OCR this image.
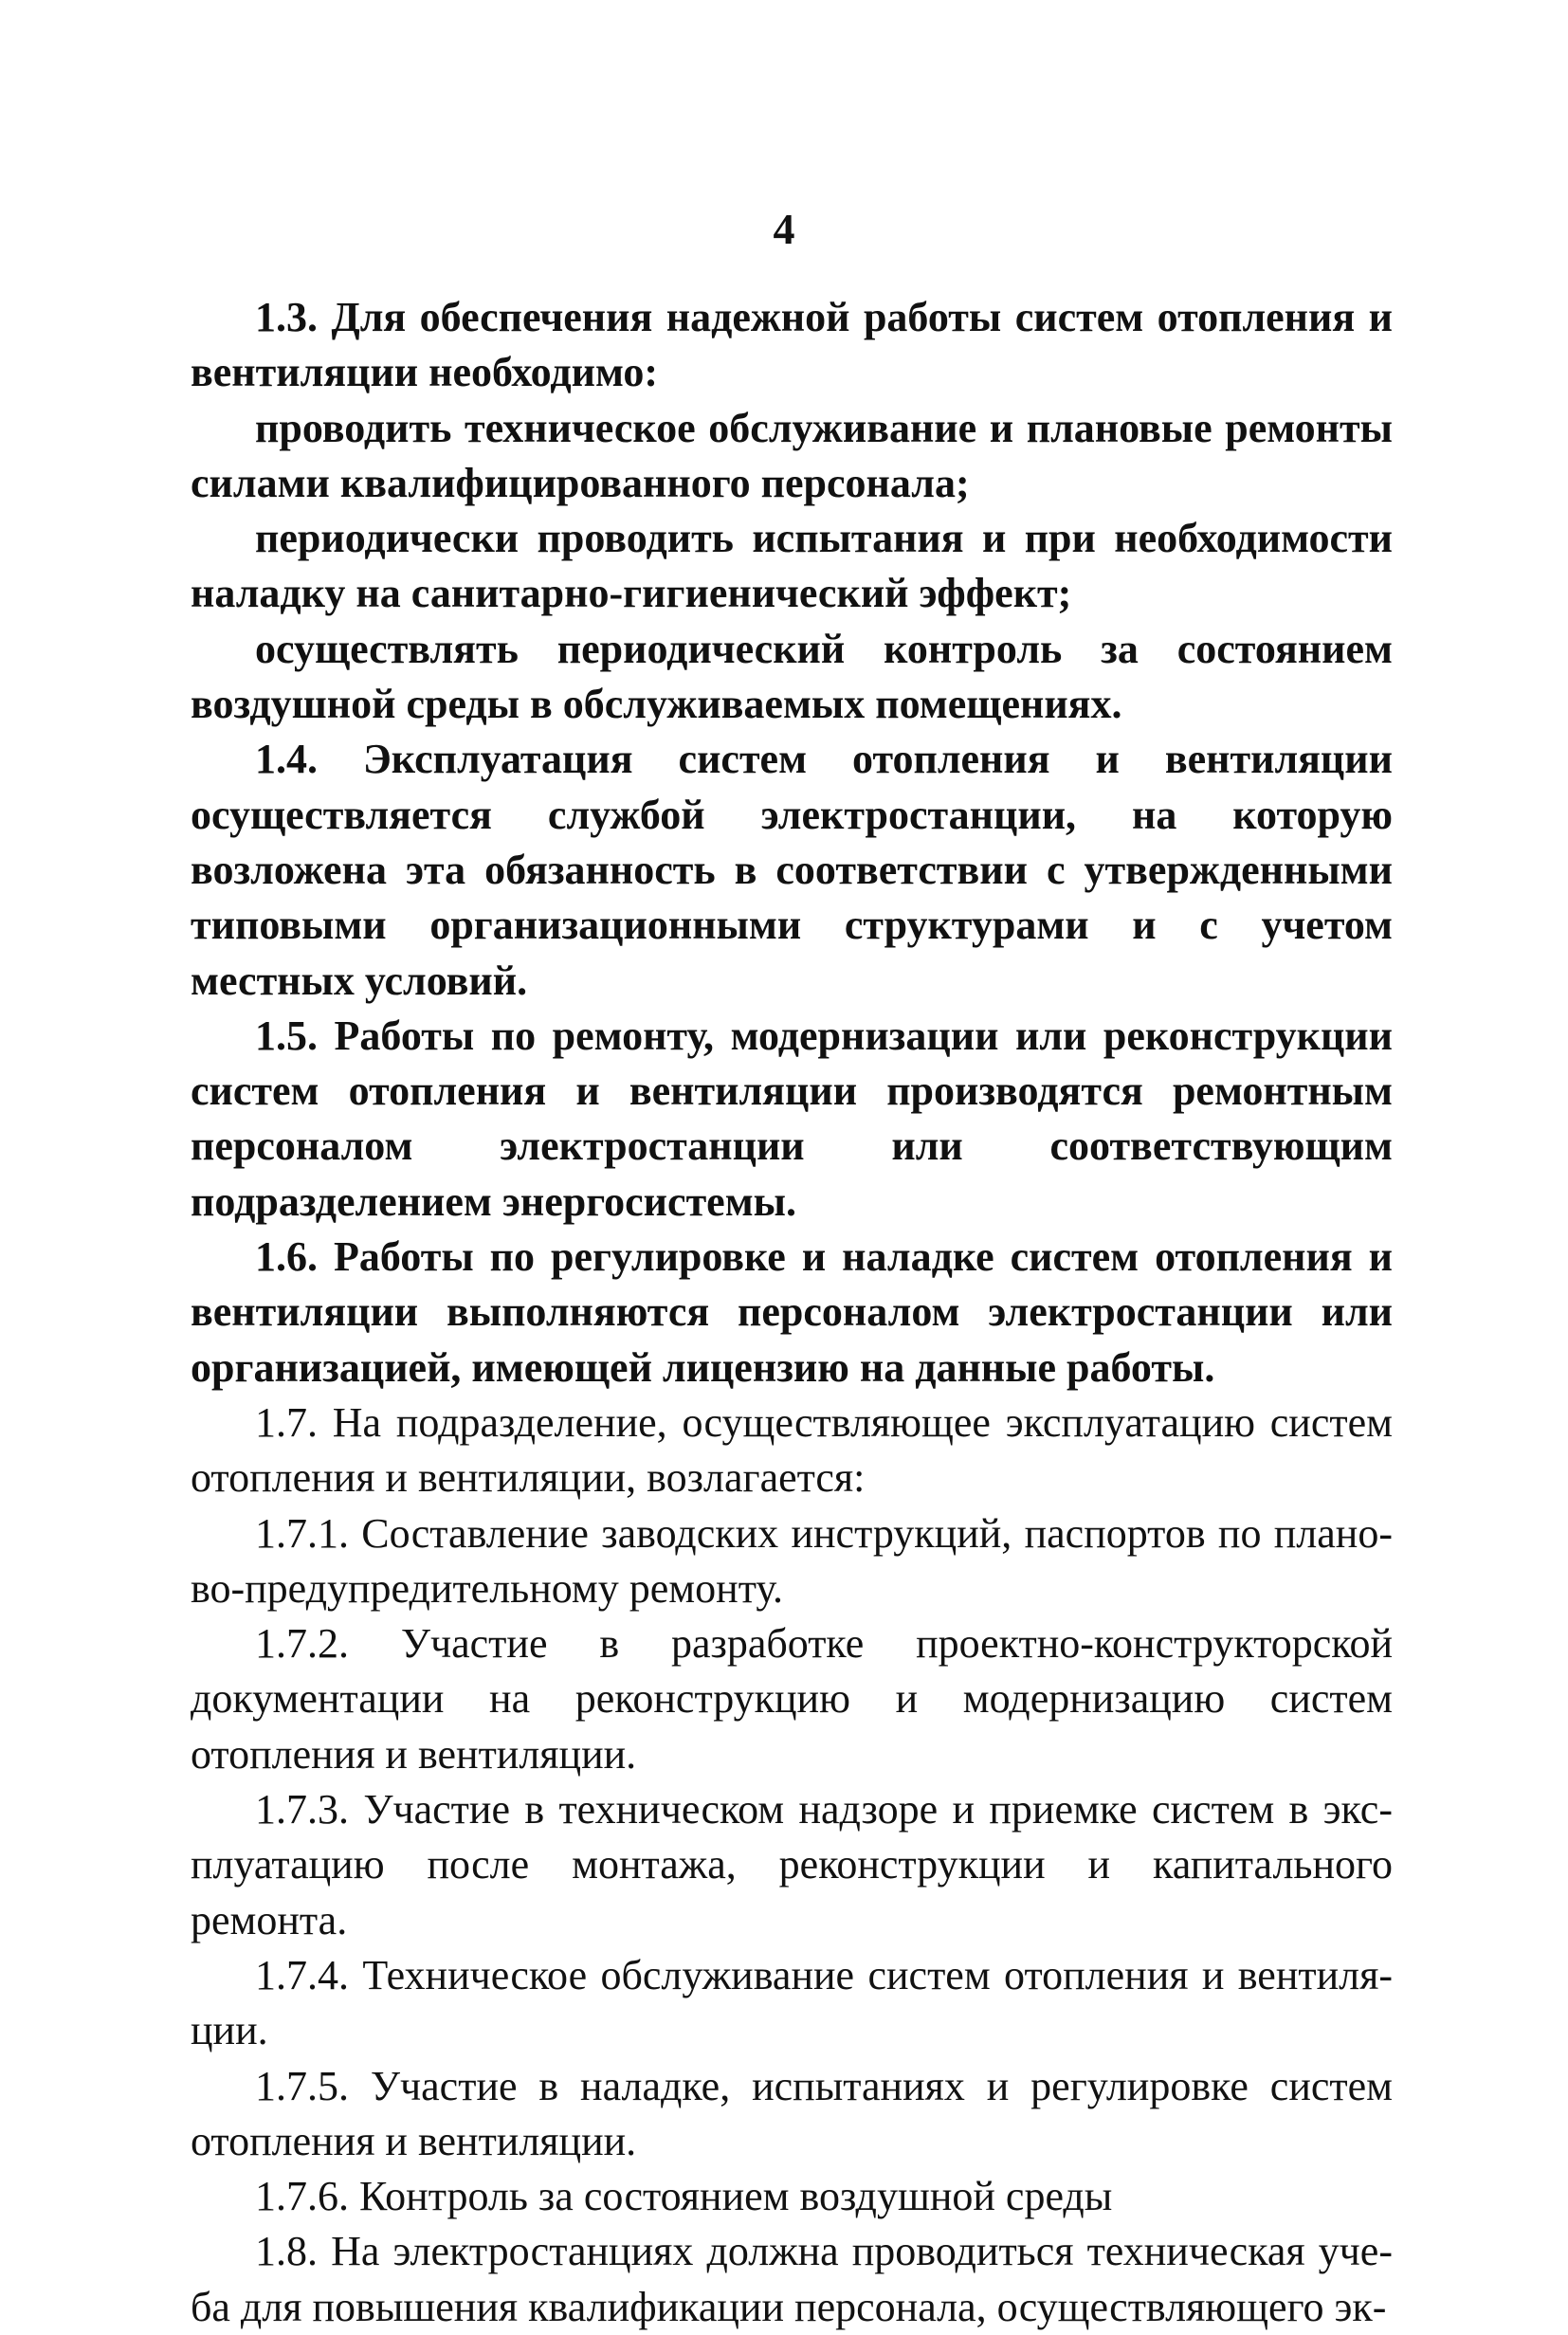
4

1.3. Для обеспечения надежной работы систем отопления и вентиляции необходимо:

проводить техническое обслуживание и плановые ремонты силами квалифицированного персонала;

периодически проводить испытания и при необходимости наладку на санитарно-гигиенический эффект;

осуществлять периодический контроль за состоянием воздушной среды в обслуживаемых помещениях.

1.4. Эксплуатация систем отопления и вентиляции осуществляется службой электростанции, на которую возложена эта обязанность в соответствии с утвержденными типовыми организационными структурами и с учетом местных условий.

1.5. Работы по ремонту, модернизации или реконструкции систем отопления и вентиляции производятся ремонтным персоналом электростанции или соответствующим подразделением энергосистемы.

1.6. Работы по регулировке и наладке систем отопления и вентиляции выполняются персоналом электростанции или организацией, имеющей лицензию на данные работы.

1.7. На подразделение, осуществляющее эксплуатацию систем отопления и вентиляции, возлагается:

1.7.1. Составление заводских инструкций, паспортов по планово-предупредительному ремонту.

1.7.2. Участие в разработке проектно-конструкторской документации на реконструкцию и модернизацию систем отопления и вентиляции.

1.7.3. Участие в техническом надзоре и приемке систем в эксплуатацию после монтажа, реконструкции и капитального ремонта.

1.7.4. Техническое обслуживание систем отопления и вентиляции.

1.7.5. Участие в наладке, испытаниях и регулировке систем отопления и вентиляции.

1.7.6. Контроль за состоянием воздушной среды

1.8. На электростанциях должна проводиться техническая учеба для повышения квалификации персонала, осуществляющего эк-
